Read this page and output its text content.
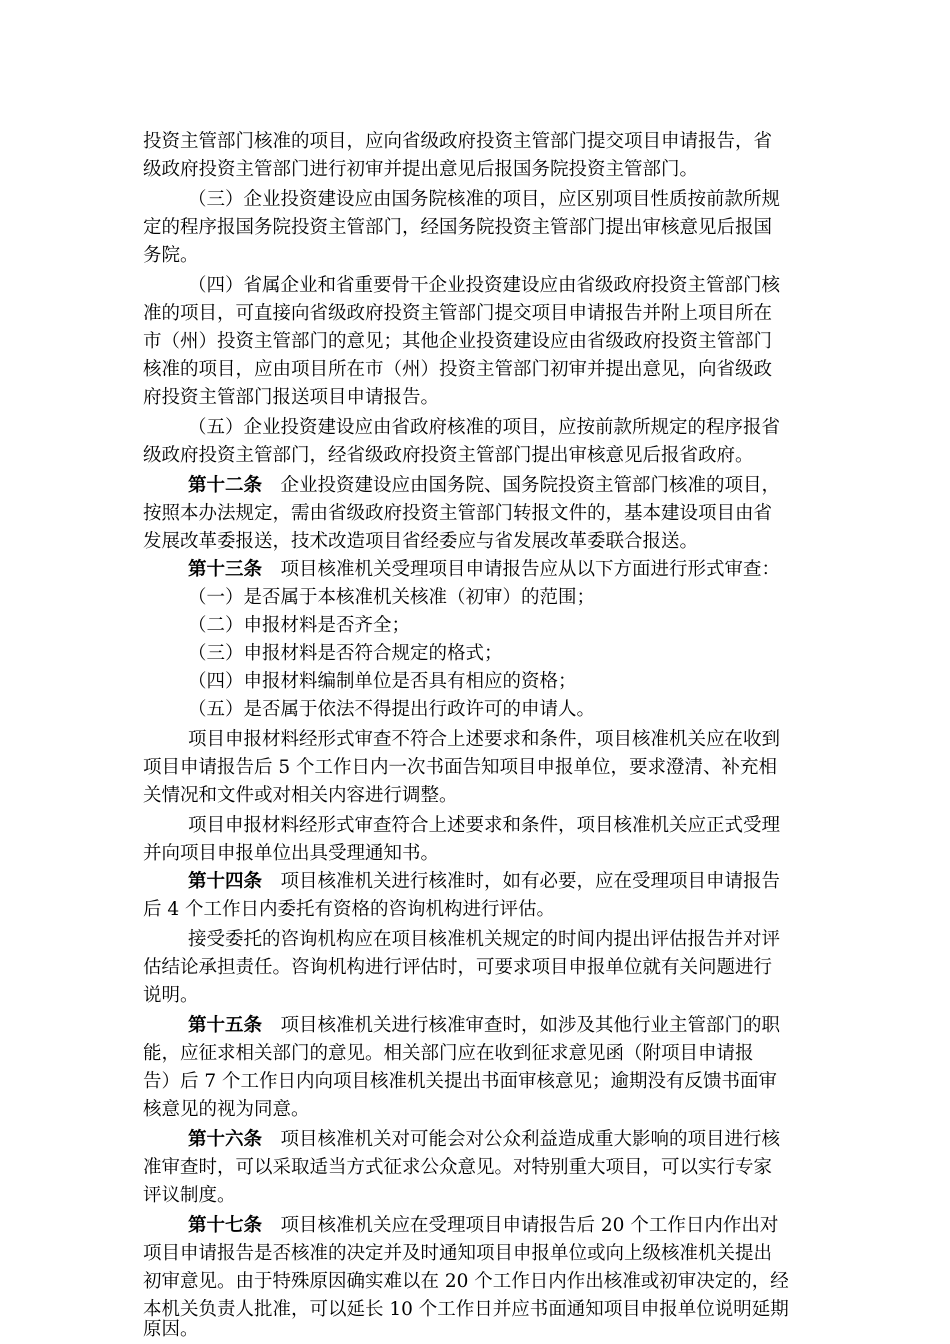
投资主管部门核准的项目，应向省级政府投资主管部门提交项目申请报告，省
级政府投资主管部门进行初审并提出意见后报国务院投资主管部门。
（三）企业投资建设应由国务院核准的项目，应区别项目性质按前款所规
定的程序报国务院投资主管部门，经国务院投资主管部门提出审核意见后报国
务院。
（四）省属企业和省重要骨干企业投资建设应由省级政府投资主管部门核
准的项目，可直接向省级政府投资主管部门提交项目申请报告并附上项目所在
市（州）投资主管部门的意见；其他企业投资建设应由省级政府投资主管部门
核准的项目，应由项目所在市（州）投资主管部门初审并提出意见，向省级政
府投资主管部门报送项目申请报告。
（五）企业投资建设应由省政府核准的项目，应按前款所规定的程序报省
级政府投资主管部门，经省级政府投资主管部门提出审核意见后报省政府。
第十二条　企业投资建设应由国务院、国务院投资主管部门核准的项目，
按照本办法规定，需由省级政府投资主管部门转报文件的，基本建设项目由省
发展改革委报送，技术改造项目省经委应与省发展改革委联合报送。
第十三条　项目核准机关受理项目申请报告应从以下方面进行形式审查：
（一）是否属于本核准机关核准（初审）的范围；
（二）申报材料是否齐全；
（三）申报材料是否符合规定的格式；
（四）申报材料编制单位是否具有相应的资格；
（五）是否属于依法不得提出行政许可的申请人。
项目申报材料经形式审查不符合上述要求和条件，项目核准机关应在收到
项目申请报告后 5 个工作日内一次书面告知项目申报单位，要求澄清、补充相
关情况和文件或对相关内容进行调整。
项目申报材料经形式审查符合上述要求和条件，项目核准机关应正式受理
并向项目申报单位出具受理通知书。
第十四条　项目核准机关进行核准时，如有必要，应在受理项目申请报告
后 4 个工作日内委托有资格的咨询机构进行评估。
接受委托的咨询机构应在项目核准机关规定的时间内提出评估报告并对评
估结论承担责任。咨询机构进行评估时，可要求项目申报单位就有关问题进行
说明。
第十五条　项目核准机关进行核准审查时，如涉及其他行业主管部门的职
能，应征求相关部门的意见。相关部门应在收到征求意见函（附项目申请报
告）后 7 个工作日内向项目核准机关提出书面审核意见；逾期没有反馈书面审
核意见的视为同意。
第十六条　项目核准机关对可能会对公众利益造成重大影响的项目进行核
准审查时，可以采取适当方式征求公众意见。对特别重大项目，可以实行专家
评议制度。
第十七条　项目核准机关应在受理项目申请报告后 20 个工作日内作出对
项目申请报告是否核准的决定并及时通知项目申报单位或向上级核准机关提出
初审意见。由于特殊原因确实难以在 20 个工作日内作出核准或初审决定的，经
本机关负责人批准，可以延长 10 个工作日并应书面通知项目申报单位说明延期
原因。
